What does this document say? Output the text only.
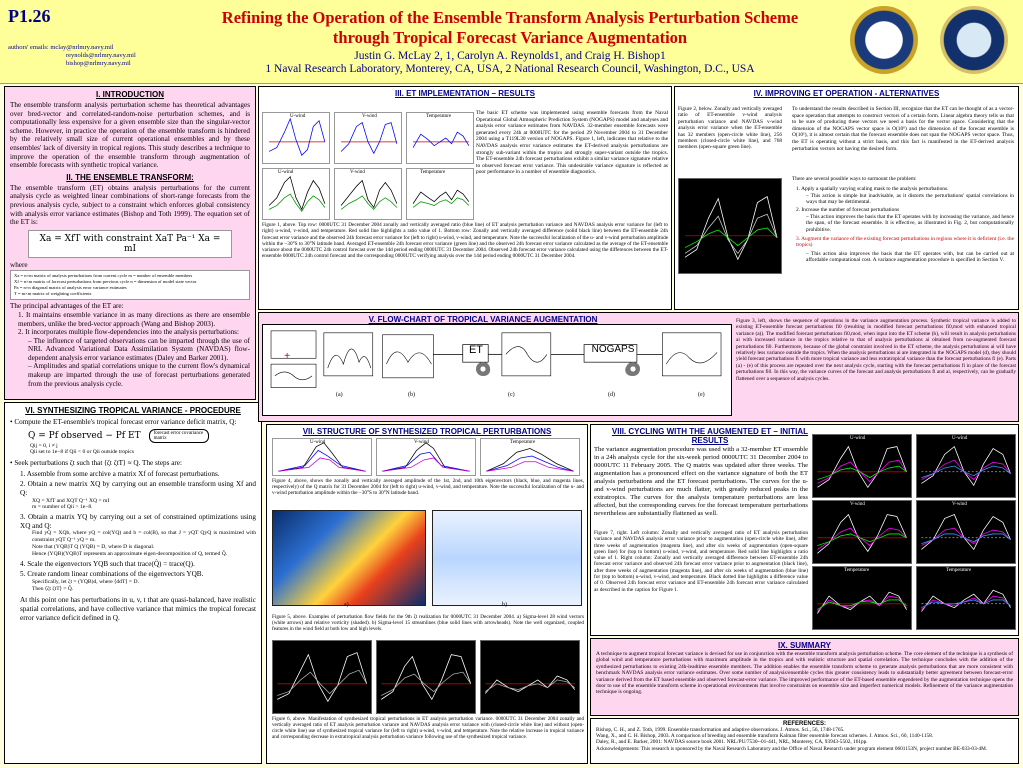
P1.26
authors' emails: mclay@nrlmry.navy.mil
reynolds@nrlmry.navy.mil
bishop@nrlmry.navy.mil
Refining the Operation of the Ensemble Transform Analysis Perturbation Scheme
through Tropical Forecast Variance Augmentation
Justin G. McLay 2, 1, Carolyn A. Reynolds1, and Craig H. Bishop1
1 Naval Research Laboratory, Monterey, CA, USA, 2 National Research Council, Washington, D.C., USA
I. INTRODUCTION
The ensemble transform analysis perturbation scheme has theoretical advantages over bred-vector and correlated-random-noise perturbation schemes, and is computationally less expensive for a given ensemble size than the singular-vector scheme. However, in practice the operation of the ensemble transform is hindered by the relatively small size of current operational ensembles and by these ensembles' lack of diversity in tropical regions. This study describes a technique to improve the operation of the ensemble transform through augmentation of ensemble forecasts with synthetic tropical variance.
II. THE ENSEMBLE TRANSFORM:
The ensemble transform (ET) obtains analysis perturbations for the current analysis cycle as weighted linear combinations of short-range forecasts from the previous analysis cycle, subject to a constraint which enforces global consistency with analysis error variance estimates (Bishop and Toth 1999). The equation set of the ET is:
Xa = XfT with constraint XaT Pa⁻¹ Xa = mI
where
Xa = n×m matrix of analysis perturbations from current cycle m = number of ensemble members
Xf = n×m matrix of forecast perturbations from previous cycle n = dimension of model state vector
Pa = n×n diagonal matrix of analysis error variance estimates
T = m×m matrix of weighting coefficients
The principal advantages of the ET are:
1. It maintains ensemble variance in as many directions as there are ensemble members, unlike the bred-vector approach (Wang and Bishop 2003).
2. It incorporates multiple flow-dependencies into the analysis perturbations:
– The influence of targeted observations can be imparted through the use of NRL Advanced Variational Data Assimilation System (NAVDAS) flow-dependent analysis error variance estimates (Daley and Barker 2001).
– Amplitudes and spatial correlations unique to the current flow's dynamical makeup are imparted through the use of forecast perturbations generated from the previous analysis cycle.
VI. SYNTHESIZING TROPICAL VARIANCE - PROCEDURE
• Compute the ET-ensemble's tropical forecast error variance deficit matrix, Q:
Q = Pf observed − Pf ET	forecast error covariance matrix
Qij = 0, i ≠ j
Qii set to 1e−8 if Qii < 0 or Qii outside tropics
• Seek perturbations ζt such that ⟨ζt ζtT⟩ ≈ Q. The steps are:
1. Assemble from some archive a matrix Xf of forecast perturbations.
2. Obtain a new matrix XQ by carrying out an ensemble transform using Xf and Q:
XQ = XfT and XQT Q⁻¹ XQ = mI
m = number of Qii > 1e−8.
3. Obtain a matrix YQ by carrying out a set of constrained optimizations using XQ and Q:
Find yQ = XQb, where yQ = col(YQ) and b = col(B), so that J = yQT QyQ is maximized with constraint yQT Q⁻¹ yQ = m.
Note that (YQB)T Q (YQB) = D, where D is diagonal.
Hence (YQB)(YQB)T represents an approximate eigen-decomposition of Q, termed Q̂.
4. Scale the eigenvectors YQB such that trace(Q̂) = trace(Q).
5. Create random linear combinations of the eigenvectors YQB.
Specifically, let ζt = (YQB)d, where ⟨ddT⟩ = D.
Then ⟨ζt ζtT⟩ = Q̂.
At this point one has perturbations in u, v, t that are quasi-balanced, have realistic spatial correlations, and have collective variance that mimics the tropical forecast error variance deficit defined in Q.
III. ET IMPLEMENTATION – RESULTS
U-wind	V-wind	Temperature
U-wind	V-wind	Temperature
The basic ET scheme was implemented using ensemble forecasts from the Naval Operational Global Atmospheric Prediction System (NOGAPS) model and analyses and analysis error variance estimates from NAVDAS. 32-member ensemble forecasts were generated every 24h at 0000UTC for the period 29 November 2004 to 31 December 2004 using a T119L30 version of NOGAPS. Figure 1, left, indicates that relative to the NAVDAS analysis error variance estimates the ET-derived analysis perturbations are strongly sub-variant within the tropics and strongly super-variant outside the tropics. The ET-ensemble 24h forecast perturbations exhibit a similar variance signature relative to observed forecast error variance. This undesirable variance signature is reflected as poor performance in a number of ensemble diagnostics.
Figure 1, above. Top row: 0000UTC 31 December 2004 zonally and vertically averaged ratio (blue line) of ET analysis perturbation variance and NAVDAS analysis error variance for (left to right) u-wind, v-wind, and temperature. Red solid line highlights a ratio value of 1. Bottom row: Zonally and vertically averaged difference (solid black line) between the ET-ensemble 24h forecast error variance and the observed 24h forecast error variance for (left to right) u-wind, v-wind, and temperature. Note the successful localization of the u- and v-wind perturbation amplitude within the −30°S to 30°N latitude band. Averaged ET-ensemble 24h forecast error variance (green line) and the observed 24h forecast error variance calculated as the average of the ET-ensemble variance about the 0000UTC 24h control forecast over the 14d period ending 0000UTC 31 December 2004. Observed 24h forecast error variance calculated using the differences between the ET-ensemble 0000UTC 24h control forecast and the corresponding 0000UTC verifying analysis over the 14d period ending 0000UTC 31 December 2004.
IV. IMPROVING ET OPERATION - ALTERNATIVES
Figure 2, below. Zonally and vertically averaged ratio of ET-ensemble v-wind analysis perturbation variance and NAVDAS v-wind analysis error variance when the ET-ensemble has 32 members (open-circle white line), 256 members (closed-circle white line), and 768 members (open-square green line).
To understand the results described in Section III, recognize that the ET can be thought of as a vector-space operation that attempts to construct vectors of a certain form. Linear algebra theory tells us that to be sure of producing these vectors we need a basis for the vector space. Considering that the dimension of the NOGAPS vector space is O(10⁶) and the dimension of the forecast ensemble is O(10¹), it is almost certain that the forecast ensemble does not span the NOGAPS vector space. Thus, the ET is operating without a strict basis, and this fact is manifested in the ET-derived analysis perturbation vectors not having the desired form.
There are several possible ways to surmount the problem:
1. Apply a spatially varying scaling mask to the analysis perturbations.
– This action is simple but inadvisable, as it distorts the perturbations' spatial correlations in ways that may be detrimental.
2. Increase the number of forecast perturbations
– This action improves the basis that the ET operates with by increasing the variance, and hence the span, of the forecast ensemble. It is effective, as illustrated in Fig. 2, but computationally prohibitive.
3. Augment the variance of the existing forecast perturbations in regions where it is deficient (i.e. the tropics)
– This action also improves the basis that the ET operates with, but can be carried out at affordable computational cost. A variance augmentation procedure is specified in Section V.
V. FLOW-CHART OF TROPICAL VARIANCE AUGMENTATION
+	ET	NOGAPS
(a)	(b)	(c)	(d)	(e)
Figure 3, left, shows the sequence of operations in the variance augmentation process. Synthetic tropical variance is added to existing ET-ensemble forecast perturbations fi0 (resulting in modified forecast perturbations fi0,mod with enhanced tropical variance (a)). The modified forecast perturbations fi0,mod, when input into the ET scheme (b), will result in analysis perturbations ai with increased variance in the tropics relative to that of analysis perturbations ai obtained from no-augmented forecast perturbations fi0. Furthermore, because of the global constraint involved in the ET scheme, the analysis perturbations ai will have relatively less variance outside the tropics. When the analysis perturbations ai are integrated in the NOGAPS model (d), they should yield forecast perturbations fi with more tropical variance and less extratropical variance than the forecast perturbations fi (e). Parts (a) - (e) of this process are repeated over the next analysis cycle, starting with the forecast perturbations fi in place of the forecast perturbations fi0. In this way, the variance curves of the forecast and analysis perturbations fi and ai, respectively, can be gradually flattened over a sequence of analysis cycles.
VII. STRUCTURE OF SYNTHESIZED TROPICAL PERTURBATIONS
U-wind	V-wind	Temperature
Figure 4, above, shows the zonally and vertically averaged amplitude of the 1st, 2nd, and 10th eigenvectors (black, blue, and magenta lines, respectively) of the Q matrix for 31 December 2004 for (left to right) u-wind, v-wind, and temperature. Note the successful localization of the u- and v-wind perturbation amplitude within the −30°S to 30°N latitude band.
a)	b)
Figure 5, above. Examples of perturbation flow fields for the 9th ζt realization for 0000UTC 31 December 2004. a) Sigma-level 28 wind vectors (white arrows) and relative vorticity (shaded). b) Sigma-level 15 streamlines (blue solid lines with arrowheads). Note the well organized, coupled features in the wind field at both low and high levels.
Figure 6, above. Manifestation of synthesized tropical perturbations in ET analysis perturbation variance. 0000UTC 31 December 2004 zonally and vertically averaged ratio of ET analysis perturbation variance and NAVDAS analysis error variance with (closed-circle white line) and without (open-circle white line) use of synthesized tropical variance for (left to right) u-wind, v-wind, and temperature. Note the relative increase in tropical variance and corresponding decrease in extratropical analysis perturbation variance following use of the synthesized tropical variance.
VIII. CYCLING WITH THE AUGMENTED ET – INITIAL RESULTS
The variance augmentation procedure was used with a 32-member ET ensemble in a 24h analysis cycle for the six-week period 0000UTC 31 December 2004 to 0000UTC 11 February 2005. The Q matrix was updated after three weeks. The augmentation has a pronounced effect on the variance signature of both the ET analysis perturbations and the ET forecast perturbations. The curves for the u- and v-wind perturbations are much flatter, with greatly reduced peaks in the extratropics. The curves for the analysis temperature perturbations are less affected, but the corresponding curves for the forecast temperature perturbations nevertheless are substantially flattened as well.
Figure 7, right. Left column: Zonally and vertically averaged ratio of ET analysis perturbation variance and NAVDAS analysis error variance prior to augmentation (open-circle white line), after three weeks of augmentation (magenta line), and after six weeks of augmentation (open-square green line) for (top to bottom) u-wind, v-wind, and temperature. Red solid line highlights a ratio value of 1. Right column: Zonally and vertically averaged difference between ET-ensemble 24h forecast error variance and observed 24h forecast error variance prior to augmentation (black line), after three weeks of augmentation (magenta line), and after six weeks of augmentation (blue line) for (top to bottom) u-wind, v-wind, and temperature. Black dotted line highlights a difference value of 0. Observed 24h forecast error variance and ET-ensemble 24h forecast error variance calculated as described in the caption for Figure 1.
U-wind	U-wind
V-wind	V-wind
Temperature	Temperature
IX. SUMMARY
A technique to augment tropical forecast variance is devised for use in conjunction with the ensemble transform analysis perturbation scheme. The core element of the technique is a synthesis of global wind and temperature perturbations with maximum amplitude in the tropics and with realistic structure and spatial correlation. The technique concludes with the addition of the synthesized perturbations to existing 24h-leadtime ensemble members. The addition enables the ensemble transform scheme to generate analysis perturbations that are more consistent with benchmark NAVDAS analysis error variance estimates. Over some number of analysis/ensemble cycles this greater consistency leads to substantially better agreement between forecast-error variance derived from the ET based ensemble and observed forecast-error variance. The improved performance of the ET-based ensemble engendered by the augmentation technique opens the door to use of the ensemble transform scheme in operational environments that involve constraints on ensemble size and imperfect numerical models. Refinement of the variance augmentation technique is ongoing.
REFERENCES:
Bishop, C. H., and Z. Toth, 1999. Ensemble transformation and adaptive observations. J. Atmos. Sci., 56, 1748-1765.
Wang, X., and C. H. Bishop, 2003. A comparison of breeding and ensemble transform Kalman filter ensemble forecast schemes. J. Atmos. Sci., 60, 1140-1158.
Daley, R., and E. Barker, 2001: NAVDAS source book 2001. NRL/PU/7530--01-441, NRL, Monterey, CA, 93943-5502, 161pp.
Acknowledgements: This research is sponsored by the Naval Research Laboratory and the Office of Naval Research under program element 0601153N, project number BE-033-03-4M.
